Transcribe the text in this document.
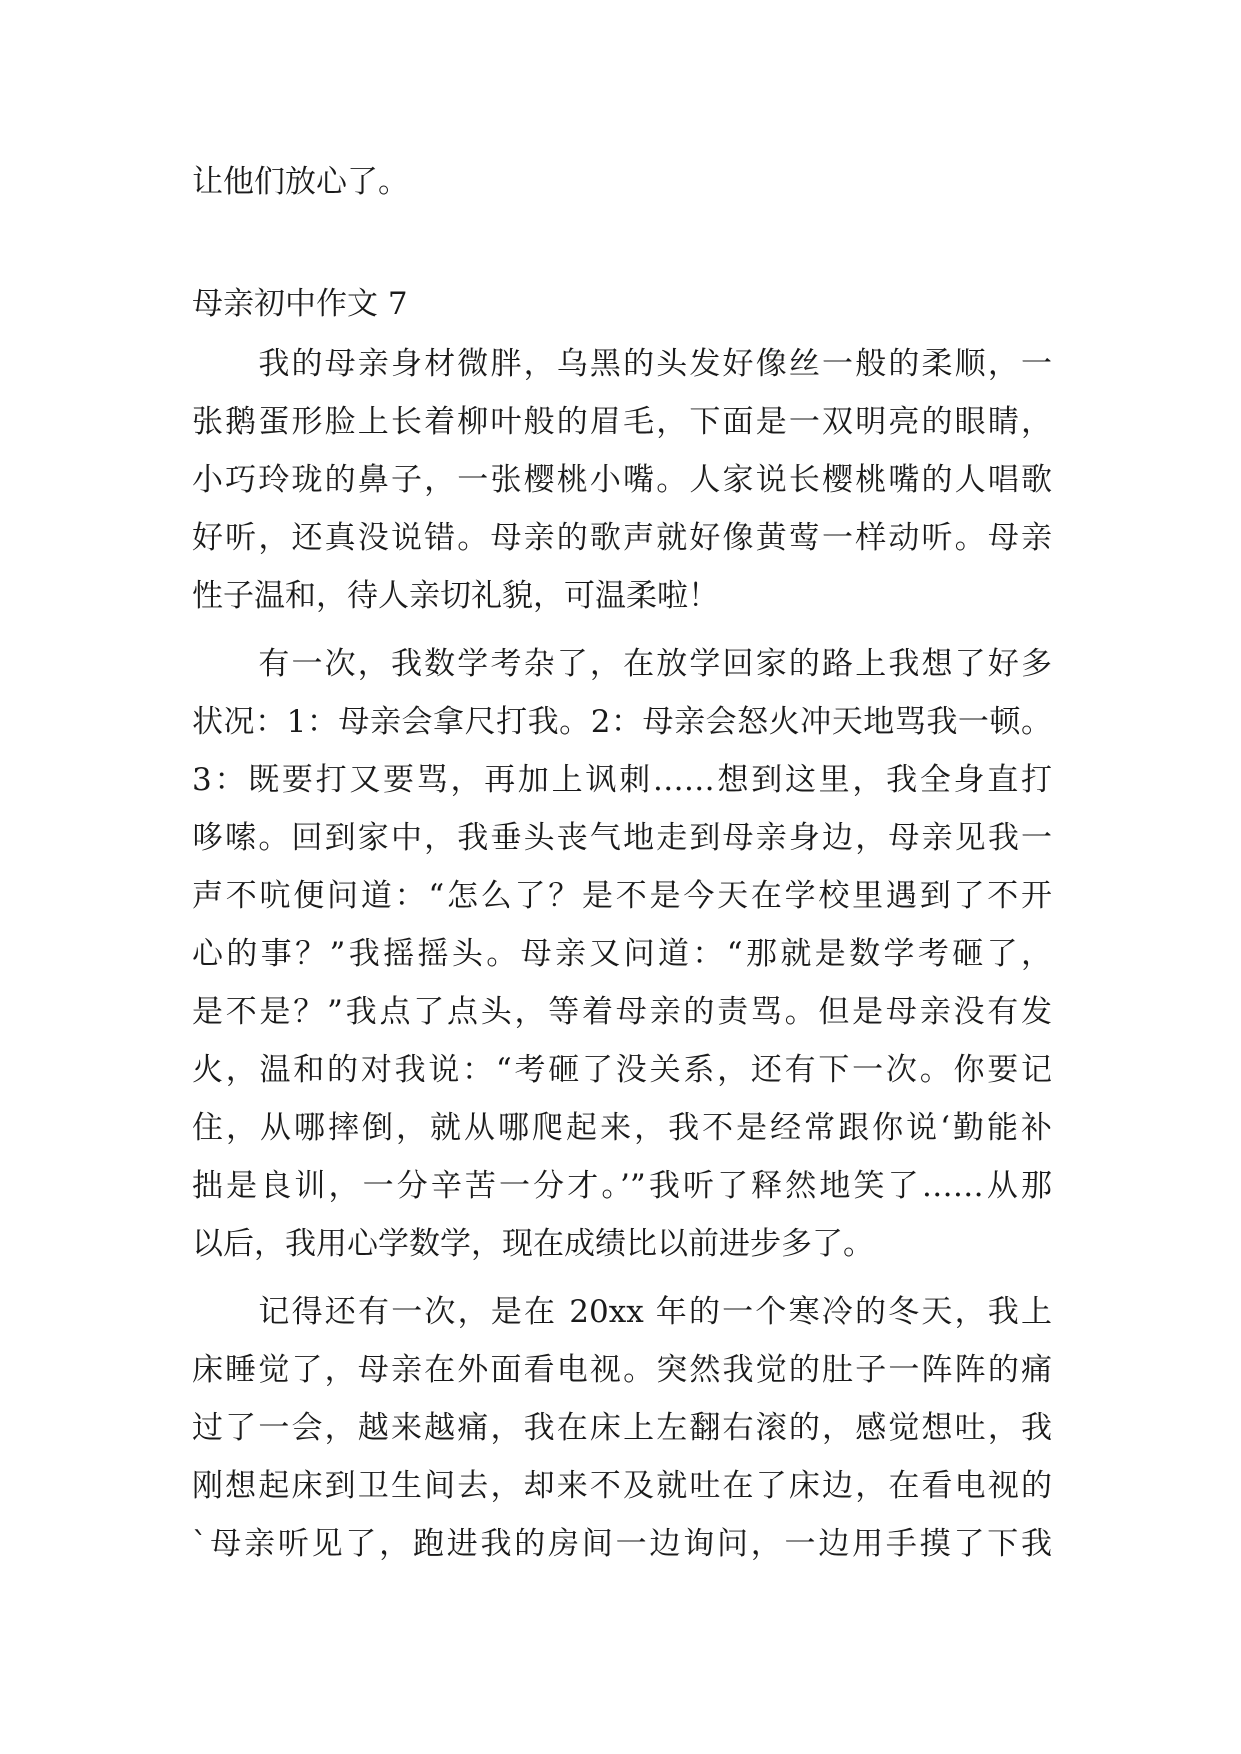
让他们放心了。
母亲初中作文 7
　　我的母亲身材微胖，乌黑的头发好像丝一般的柔顺，一
张鹅蛋形脸上长着柳叶般的眉毛，下面是一双明亮的眼睛，
小巧玲珑的鼻子，一张樱桃小嘴。人家说长樱桃嘴的人唱歌
好听，还真没说错。母亲的歌声就好像黄莺一样动听。母亲
性子温和，待人亲切礼貌，可温柔啦！
　　有一次，我数学考杂了，在放学回家的路上我想了好多
状况：1：母亲会拿尺打我。2：母亲会怒火冲天地骂我一顿。
3：既要打又要骂，再加上讽刺……想到这里，我全身直打
哆嗦。回到家中，我垂头丧气地走到母亲身边，母亲见我一
声不吭便问道：“怎么了？是不是今天在学校里遇到了不开
心的事？”我摇摇头。母亲又问道：“那就是数学考砸了，
是不是？”我点了点头，等着母亲的责骂。但是母亲没有发
火，温和的对我说：“考砸了没关系，还有下一次。你要记
住，从哪摔倒，就从哪爬起来，我不是经常跟你说‘勤能补
拙是良训，一分辛苦一分才。’”我听了释然地笑了……从那
以后，我用心学数学，现在成绩比以前进步多了。
　　记得还有一次，是在 20xx 年的一个寒冷的冬天，我上
床睡觉了，母亲在外面看电视。突然我觉的肚子一阵阵的痛
过了一会，越来越痛，我在床上左翻右滚的，感觉想吐，我
刚想起床到卫生间去，却来不及就吐在了床边，在看电视的
`母亲听见了，跑进我的房间一边询问，一边用手摸了下我
